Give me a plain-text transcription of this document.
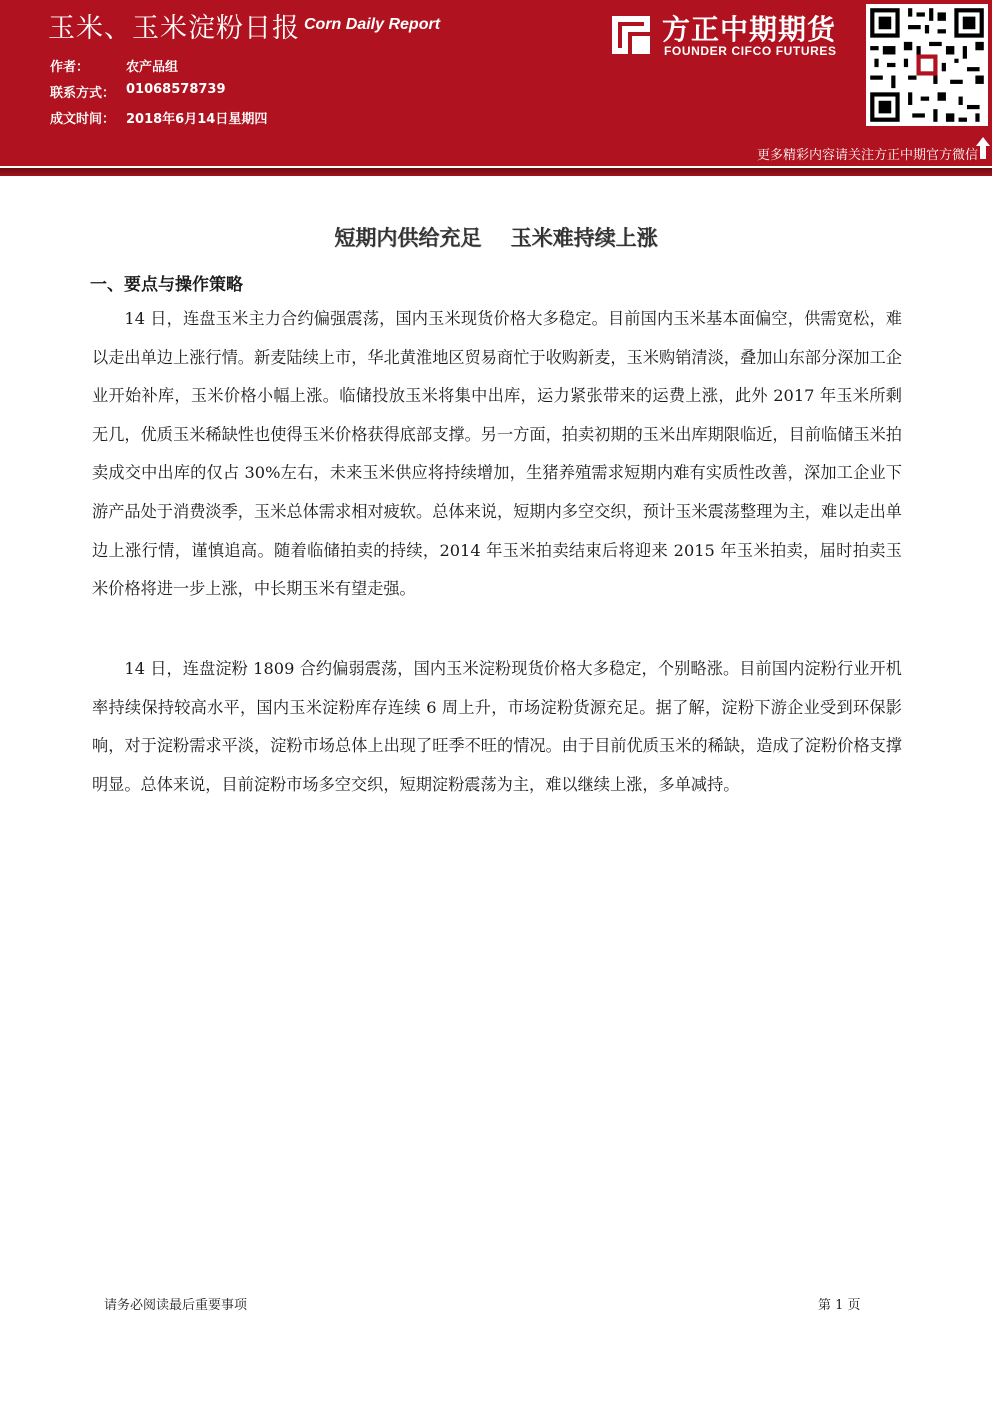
玉米、玉米淀粉日报 Corn Daily Report
作者：	农产品组
联系方式： 01068578739
成文时间： 2018年6月14日星期四
方正中期期货
FOUNDER CIFCO FUTURES
更多精彩内容请关注方正中期官方微信
短期内供给充足    玉米难持续上涨
一、要点与操作策略

14 日，连盘玉米主力合约偏强震荡，国内玉米现货价格大多稳定。目前国内玉米基本面偏空，供需宽松，难以走出单边上涨行情。新麦陆续上市，华北黄淮地区贸易商忙于收购新麦，玉米购销清淡，叠加山东部分深加工企业开始补库，玉米价格小幅上涨。临储投放玉米将集中出库，运力紧张带来的运费上涨，此外 2017 年玉米所剩无几，优质玉米稀缺性也使得玉米价格获得底部支撑。另一方面，拍卖初期的玉米出库期限临近，目前临储玉米拍卖成交中出库的仅占 30%左右，未来玉米供应将持续增加，生猪养殖需求短期内难有实质性改善，深加工企业下游产品处于消费淡季，玉米总体需求相对疲软。总体来说，短期内多空交织，预计玉米震荡整理为主，难以走出单边上涨行情，谨慎追高。随着临储拍卖的持续，2014 年玉米拍卖结束后将迎来 2015 年玉米拍卖，届时拍卖玉米价格将进一步上涨，中长期玉米有望走强。

14 日，连盘淀粉 1809 合约偏弱震荡，国内玉米淀粉现货价格大多稳定，个别略涨。目前国内淀粉行业开机率持续保持较高水平，国内玉米淀粉库存连续 6 周上升，市场淀粉货源充足。据了解，淀粉下游企业受到环保影响，对于淀粉需求平淡，淀粉市场总体上出现了旺季不旺的情况。由于目前优质玉米的稀缺，造成了淀粉价格支撑明显。总体来说，目前淀粉市场多空交织，短期淀粉震荡为主，难以继续上涨，多单减持。

请务必阅读最后重要事项	第 1 页
